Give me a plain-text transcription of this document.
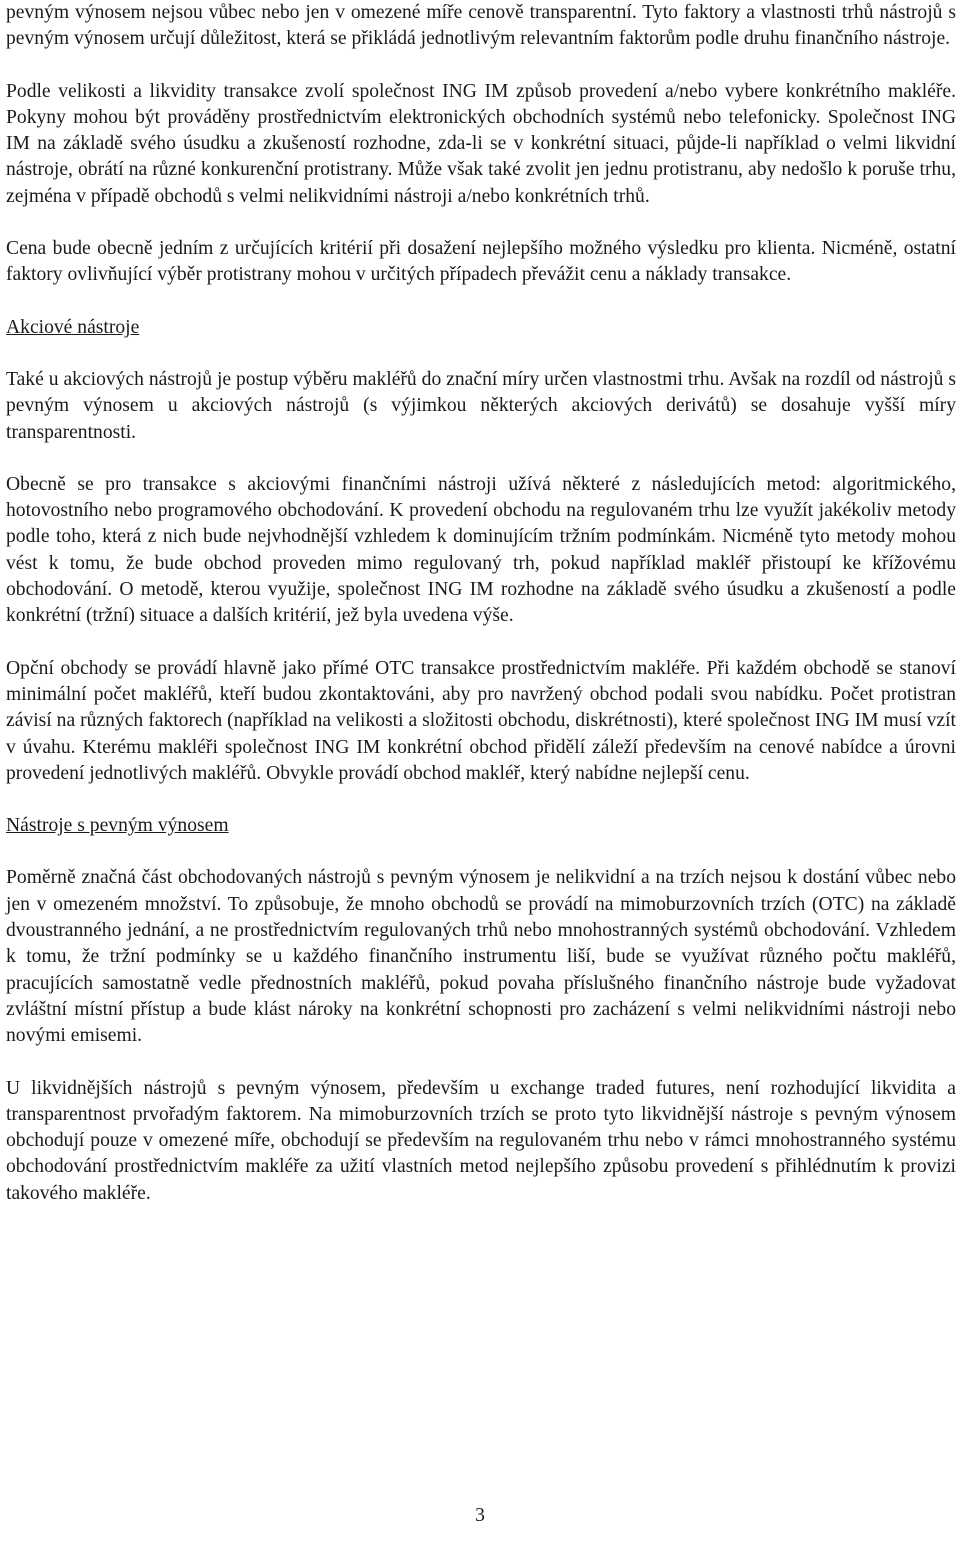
pevným výnosem nejsou vůbec nebo jen v omezené míře cenově transparentní. Tyto faktory a vlastnosti trhů nástrojů s pevným výnosem určují důležitost, která se přikládá jednotlivým relevantním faktorům podle druhu finančního nástroje.

Podle velikosti a likvidity transakce zvolí společnost ING IM způsob provedení a/nebo vybere konkrétního makléře. Pokyny mohou být prováděny prostřednictvím elektronických obchodních systémů nebo telefonicky. Společnost ING IM na základě svého úsudku a zkušeností rozhodne, zda-li se v konkrétní situaci, půjde-li například o velmi likvidní nástroje, obrátí na různé konkurenční protistrany. Může však také zvolit jen jednu protistranu, aby nedošlo k poruše trhu, zejména v případě obchodů s velmi nelikvidními nástroji a/nebo konkrétních trhů.

Cena bude obecně jedním z určujících kritérií při dosažení nejlepšího možného výsledku pro klienta. Nicméně, ostatní faktory ovlivňující výběr protistrany mohou v určitých případech převážit cenu a náklady transakce.

Akciové nástroje

Také u akciových nástrojů je postup výběru makléřů do znační míry určen vlastnostmi trhu. Avšak na rozdíl od nástrojů s pevným výnosem u akciových nástrojů (s výjimkou některých akciových derivátů) se dosahuje vyšší míry transparentnosti.

Obecně se pro transakce s akciovými finančními nástroji užívá některé z následujících metod: algoritmického, hotovostního nebo programového obchodování. K provedení obchodu na regulovaném trhu lze využít jakékoliv metody podle toho, která z nich bude nejvhodnější vzhledem k dominujícím tržním podmínkám. Nicméně tyto metody mohou vést k tomu, že bude obchod proveden mimo regulovaný trh, pokud například makléř přistoupí ke křížovému obchodování. O metodě, kterou využije, společnost ING IM rozhodne na základě svého úsudku a zkušeností a podle konkrétní (tržní) situace a dalších kritérií, jež byla uvedena výše.

Opční obchody se provádí hlavně jako přímé OTC transakce prostřednictvím makléře. Při každém obchodě se stanoví minimální počet makléřů, kteří budou zkontaktováni, aby pro navržený obchod podali svou nabídku. Počet protistran závisí na různých faktorech (například na velikosti a složitosti obchodu, diskrétnosti), které společnost ING IM musí vzít v úvahu. Kterému makléři společnost ING IM konkrétní obchod přidělí záleží především na cenové nabídce a úrovni provedení jednotlivých makléřů. Obvykle provádí obchod makléř, který nabídne nejlepší cenu.

Nástroje s pevným výnosem

Poměrně značná část obchodovaných nástrojů s pevným výnosem je nelikvidní a na trzích nejsou k dostání vůbec nebo jen v omezeném množství. To způsobuje, že mnoho obchodů se provádí na mimoburzovních trzích (OTC) na základě dvoustranného jednání, a ne prostřednictvím regulovaných trhů nebo mnohostranných systémů obchodování. Vzhledem k tomu, že tržní podmínky se u každého finančního instrumentu liší, bude se využívat různého počtu makléřů, pracujících samostatně vedle přednostních makléřů, pokud povaha příslušného finančního nástroje bude vyžadovat zvláštní místní přístup a bude klást nároky na konkrétní schopnosti pro zacházení s velmi nelikvidními nástroji nebo novými emisemi.

U likvidnějších nástrojů s pevným výnosem, především u exchange traded futures, není rozhodující likvidita a transparentnost prvořadým faktorem. Na mimoburzovních trzích se proto tyto likvidnější nástroje s pevným výnosem obchodují pouze v omezené míře, obchodují se především na regulovaném trhu nebo v rámci mnohostranného systému obchodování prostřednictvím makléře za užití vlastních metod nejlepšího způsobu provedení s přihlédnutím k provizi takového makléře.

3
